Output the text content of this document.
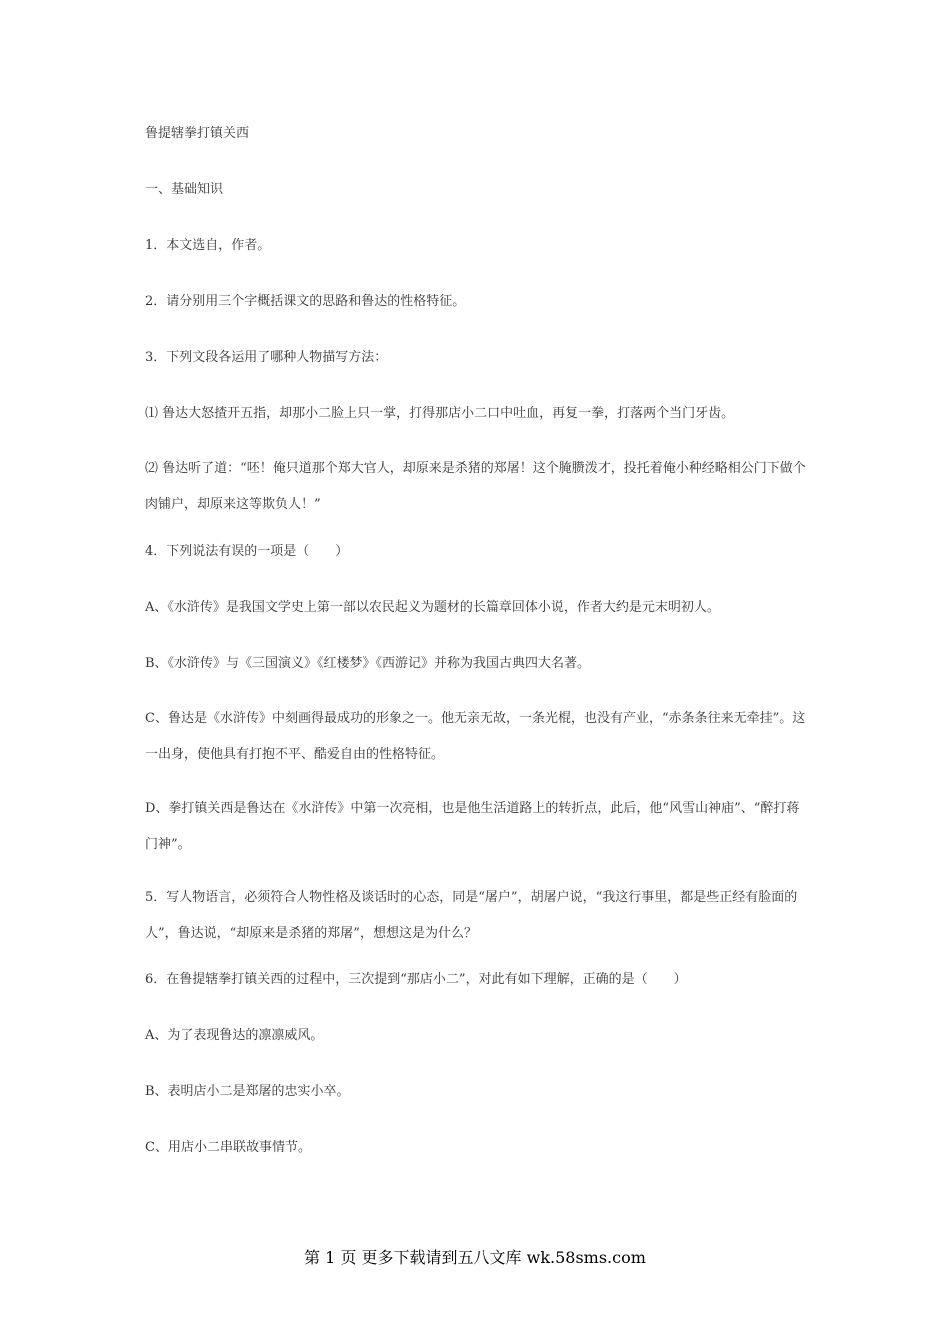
鲁提辖拳打镇关西

一、基础知识

1．本文选自，作者。

2．请分别用三个字概括课文的思路和鲁达的性格特征。

3．下列文段各运用了哪种人物描写方法：

⑴ 鲁达大怒揸开五指，却那小二脸上只一掌，打得那店小二口中吐血，再复一拳，打落两个当门牙齿。

⑵ 鲁达听了道：“呸！俺只道那个郑大官人，却原来是杀猪的郑屠！这个腌臜泼才，投托着俺小种经略相公门下做个肉铺户，却原来这等欺负人！”

4．下列说法有误的一项是（　　）

A、《水浒传》是我国文学史上第一部以农民起义为题材的长篇章回体小说，作者大约是元末明初人。

B、《水浒传》与《三国演义》《红楼梦》《西游记》并称为我国古典四大名著。

C、鲁达是《水浒传》中刻画得最成功的形象之一。他无亲无故，一条光棍，也没有产业，“赤条条往来无牵挂”。这一出身，使他具有打抱不平、酷爱自由的性格特征。

D、拳打镇关西是鲁达在《水浒传》中第一次亮相，也是他生活道路上的转折点，此后，他“风雪山神庙”、“醉打蒋门神”。

5．写人物语言，必须符合人物性格及谈话时的心态，同是“屠户”，胡屠户说，“我这行事里，都是些正经有脸面的人”，鲁达说，“却原来是杀猪的郑屠”，想想这是为什么？

6．在鲁提辖拳打镇关西的过程中，三次提到“那店小二”，对此有如下理解，正确的是（　　）

A、为了表现鲁达的凛凛威风。

B、表明店小二是郑屠的忠实小卒。

C、用店小二串联故事情节。

第 1 页 更多下载请到五八文库 wk.58sms.com
